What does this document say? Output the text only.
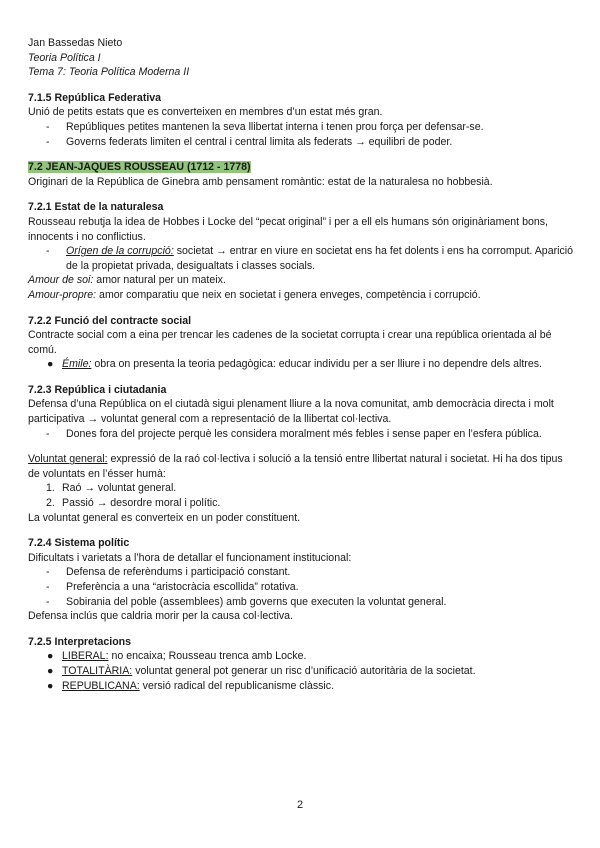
Jan Bassedas Nieto

Teoria Política I

Tema 7: Teoria Política Moderna II

7.1.5 República Federativa

Unió de petits estats que es converteixen en membres d’un estat més gran.

-	Repúbliques petites mantenen la seva llibertat interna i tenen prou força per defensar-se.
-	Governs federats limiten el central i central limita als federats → equilibri de poder.

7.2 JEAN-JAQUES ROUSSEAU (1712 - 1778)

Originari de la República de Ginebra amb pensament romàntic: estat de la naturalesa no hobbesià.

7.2.1 Estat de la naturalesa

Rousseau rebutja la idea de Hobbes i Locke del “pecat original” i per a ell els humans són originàriament bons, innocents i no conflictius.

-	Orígen de la corrupció: societat → entrar en viure en societat ens ha fet dolents i ens ha corromput. Aparició de la propietat privada, desigualtats i classes socials.

Amour de soi: amor natural per un mateix.

Amour-propre: amor comparatiu que neix en societat i genera enveges, competència i corrupció.

7.2.2 Funció del contracte social

Contracte social com a eina per trencar les cadenes de la societat corrupta i crear una república orientada al bé comú.

● Émile: obra on presenta la teoria pedagògica: educar individu per a ser lliure i no dependre dels altres.

7.2.3 República i ciutadania

Defensa d’una República on el ciutadà sigui plenament lliure a la nova comunitat, amb democràcia directa i molt participativa → voluntat general com a representació de la llibertat col·lectiva.

-	Dones fora del projecte perquè les considera moralment més febles i sense paper en l’esfera pública.

Voluntat general: expressió de la raó col·lectiva i solució a la tensió entre llibertat natural i societat. Hi ha dos tipus de voluntats en l’ésser humà:

1. Raó → voluntat general.
2. Passió → desordre moral i polític.

La voluntat general es converteix en un poder constituent.

7.2.4 Sistema polític

Dificultats i varietats a l’hora de detallar el funcionament institucional:

-	Defensa de referèndums i participació constant.
-	Preferència a una “aristocràcia escollida” rotativa.
-	Sobirania del poble (assemblees) amb governs que executen la voluntat general.

Defensa inclús que caldria morir per la causa col·lectiva.

7.2.5 Interpretacions

● LIBERAL: no encaixa; Rousseau trenca amb Locke.
● TOTALITÀRIA: voluntat general pot generar un risc d’unificació autoritària de la societat.
● REPUBLICANA: versió radical del republicanisme clàssic.
2
